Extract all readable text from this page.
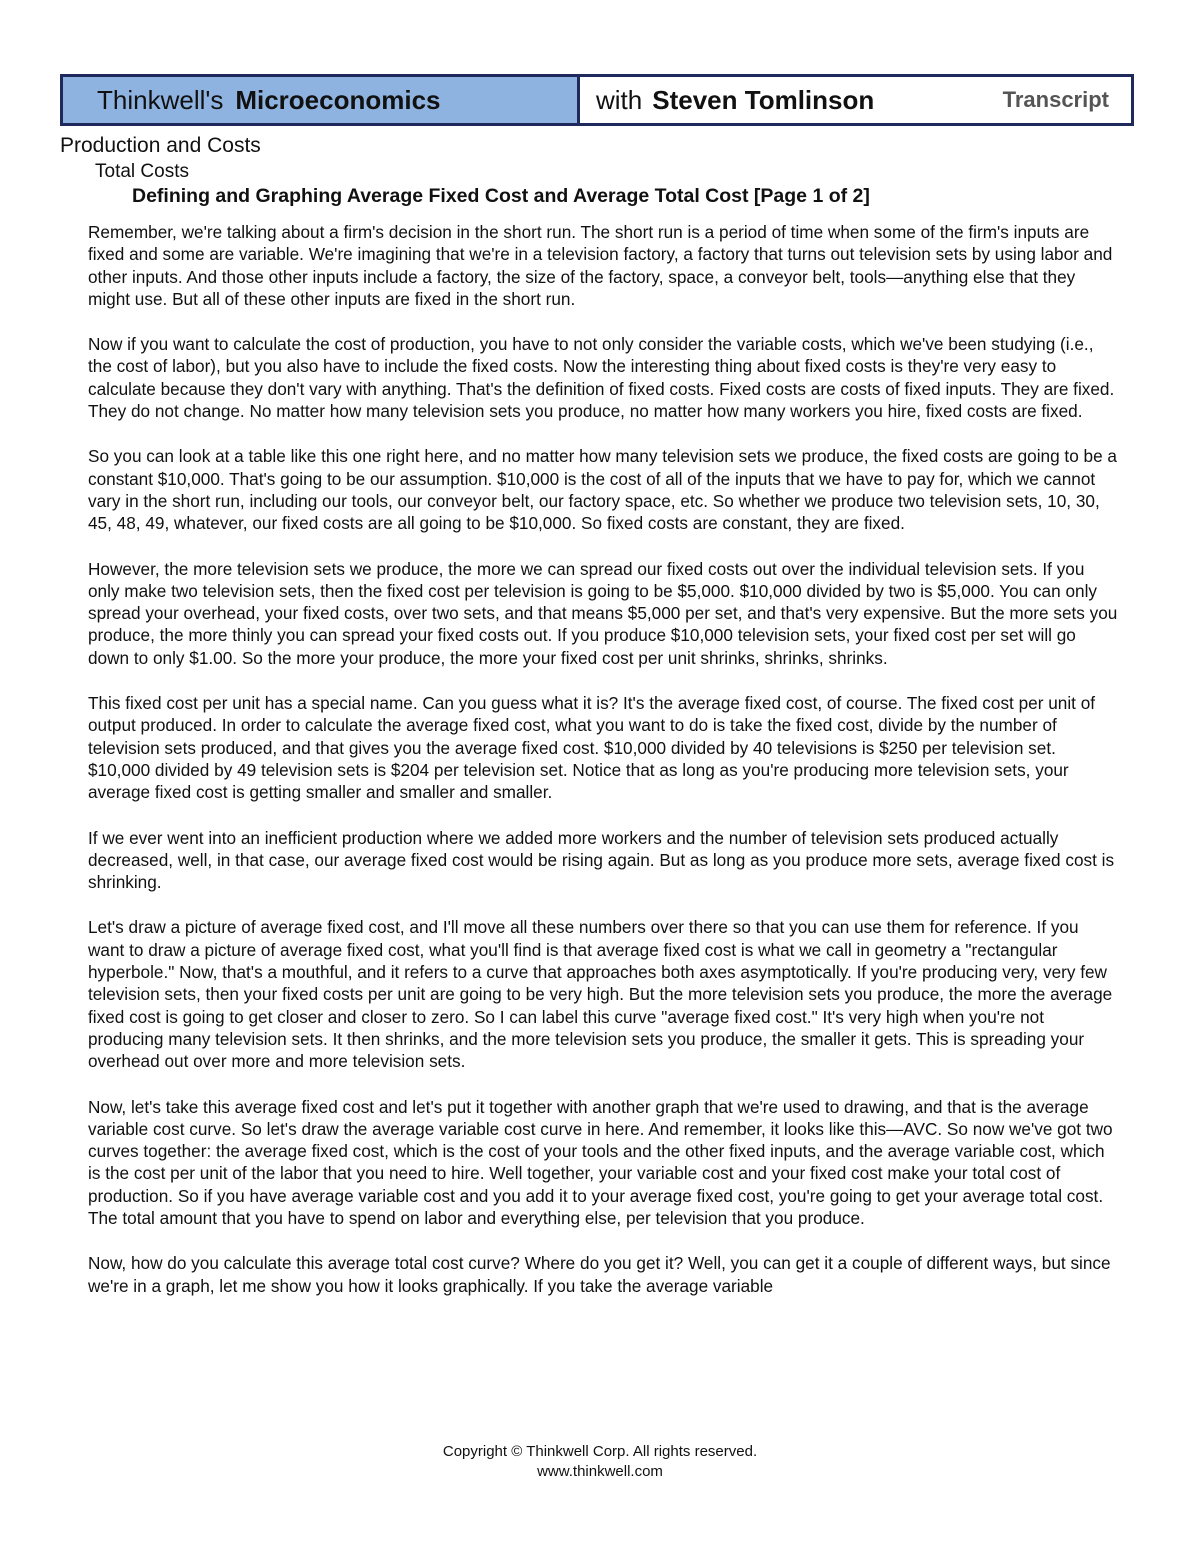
Thinkwell's Microeconomics	with Steven Tomlinson	Transcript
Production and Costs
Total Costs
Defining and Graphing Average Fixed Cost and Average Total Cost [Page 1 of 2]

Remember, we're talking about a firm's decision in the short run. The short run is a period of time when some of the firm's inputs are fixed and some are variable. We're imagining that we're in a television factory, a factory that turns out television sets by using labor and other inputs. And those other inputs include a factory, the size of the factory, space, a conveyor belt, tools—anything else that they might use. But all of these other inputs are fixed in the short run.

Now if you want to calculate the cost of production, you have to not only consider the variable costs, which we've been studying (i.e., the cost of labor), but you also have to include the fixed costs. Now the interesting thing about fixed costs is they're very easy to calculate because they don't vary with anything. That's the definition of fixed costs. Fixed costs are costs of fixed inputs. They are fixed. They do not change. No matter how many television sets you produce, no matter how many workers you hire, fixed costs are fixed.

So you can look at a table like this one right here, and no matter how many television sets we produce, the fixed costs are going to be a constant $10,000. That's going to be our assumption. $10,000 is the cost of all of the inputs that we have to pay for, which we cannot vary in the short run, including our tools, our conveyor belt, our factory space, etc. So whether we produce two television sets, 10, 30, 45, 48, 49, whatever, our fixed costs are all going to be $10,000. So fixed costs are constant, they are fixed.

However, the more television sets we produce, the more we can spread our fixed costs out over the individual television sets. If you only make two television sets, then the fixed cost per television is going to be $5,000. $10,000 divided by two is $5,000. You can only spread your overhead, your fixed costs, over two sets, and that means $5,000 per set, and that's very expensive. But the more sets you produce, the more thinly you can spread your fixed costs out. If you produce $10,000 television sets, your fixed cost per set will go down to only $1.00. So the more your produce, the more your fixed cost per unit shrinks, shrinks, shrinks.

This fixed cost per unit has a special name. Can you guess what it is? It's the average fixed cost, of course. The fixed cost per unit of output produced. In order to calculate the average fixed cost, what you want to do is take the fixed cost, divide by the number of television sets produced, and that gives you the average fixed cost. $10,000 divided by 40 televisions is $250 per television set. $10,000 divided by 49 television sets is $204 per television set. Notice that as long as you're producing more television sets, your average fixed cost is getting smaller and smaller and smaller.

If we ever went into an inefficient production where we added more workers and the number of television sets produced actually decreased, well, in that case, our average fixed cost would be rising again. But as long as you produce more sets, average fixed cost is shrinking.

Let's draw a picture of average fixed cost, and I'll move all these numbers over there so that you can use them for reference. If you want to draw a picture of average fixed cost, what you'll find is that average fixed cost is what we call in geometry a "rectangular hyperbole." Now, that's a mouthful, and it refers to a curve that approaches both axes asymptotically. If you're producing very, very few television sets, then your fixed costs per unit are going to be very high. But the more television sets you produce, the more the average fixed cost is going to get closer and closer to zero. So I can label this curve "average fixed cost." It's very high when you're not producing many television sets. It then shrinks, and the more television sets you produce, the smaller it gets. This is spreading your overhead out over more and more television sets.

Now, let's take this average fixed cost and let's put it together with another graph that we're used to drawing, and that is the average variable cost curve. So let's draw the average variable cost curve in here. And remember, it looks like this—AVC. So now we've got two curves together: the average fixed cost, which is the cost of your tools and the other fixed inputs, and the average variable cost, which is the cost per unit of the labor that you need to hire. Well together, your variable cost and your fixed cost make your total cost of production. So if you have average variable cost and you add it to your average fixed cost, you're going to get your average total cost. The total amount that you have to spend on labor and everything else, per television that you produce.

Now, how do you calculate this average total cost curve? Where do you get it? Well, you can get it a couple of different ways, but since we're in a graph, let me show you how it looks graphically. If you take the average variable

Copyright © Thinkwell Corp. All rights reserved.
www.thinkwell.com
